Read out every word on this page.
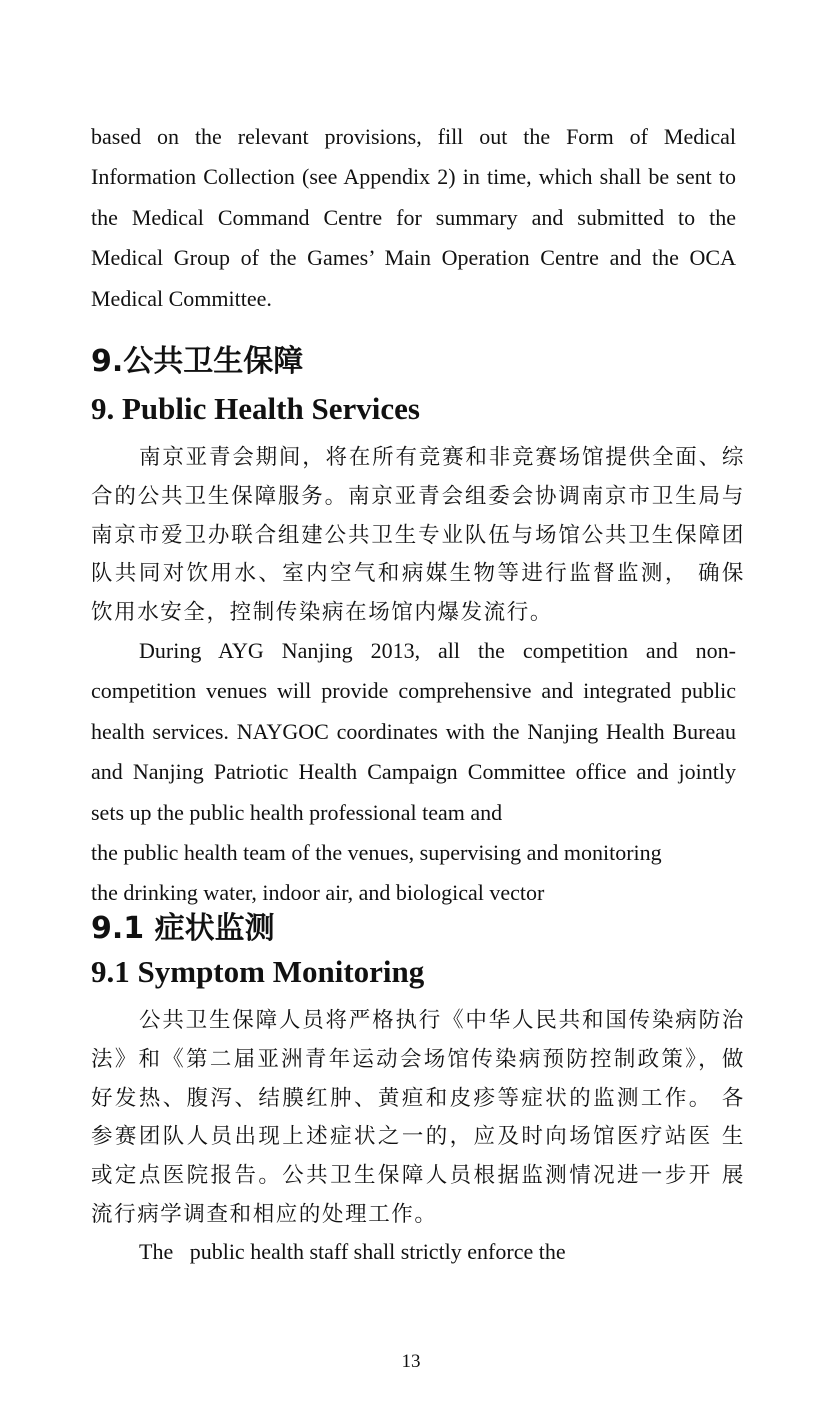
based on the relevant provisions, fill out the Form of Medical Information Collection (see Appendix 2) in time, which shall be sent to the Medical Command Centre for summary and submitted to the Medical Group of the Games’ Main Operation Centre and the OCA Medical Committee.

9.公共卫生保障
9. Public Health Services

南京亚青会期间，将在所有竞赛和非竞赛场馆提供全面、综合的公共卫生保障服务。南京亚青会组委会协调南京市卫生局与南京市爱卫办联合组建公共卫生专业队伍与场馆公共卫生保障团队共同对饮用水、室内空气和病媒生物等进行监督监测， 确保饮用水安全，控制传染病在场馆内爆发流行。

During AYG Nanjing 2013, all the competition and non-competition venues will provide comprehensive and integrated public health services. NAYGOC coordinates with the Nanjing Health Bureau and Nanjing Patriotic Health Campaign Committee office and jointly sets up the public health professional team and

the public health team of the venues, supervising and monitoring

the drinking water, indoor air, and biological vector

9.1 症状监测
9.1 Symptom Monitoring

公共卫生保障人员将严格执行《中华人民共和国传染病防治法》和《第二届亚洲青年运动会场馆传染病预防控制政策》，做好发热、腹泻、结膜红肿、黄疸和皮疹等症状的监测工作。 各参赛团队人员出现上述症状之一的，应及时向场馆医疗站医 生或定点医院报告。公共卫生保障人员根据监测情况进一步开 展流行病学调查和相应的处理工作。

The   public health staff shall strictly enforce the

13
